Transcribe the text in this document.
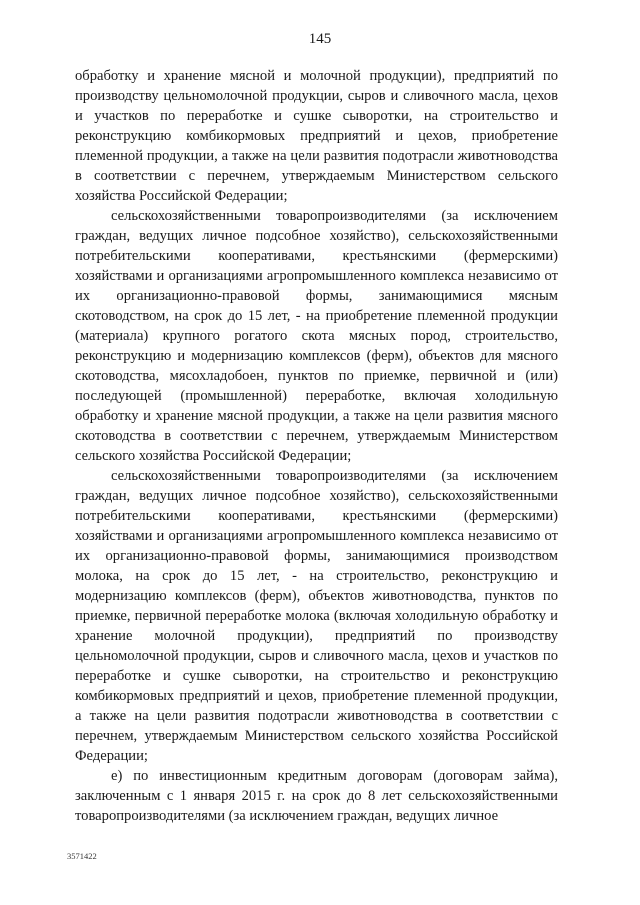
145

обработку и хранение мясной и молочной продукции), предприятий по производству цельномолочной продукции, сыров и сливочного масла, цехов и участков по переработке и сушке сыворотки, на строительство и реконструкцию комбикормовых предприятий и цехов, приобретение племенной продукции, а также на цели развития подотрасли животноводства в соответствии с перечнем, утверждаемым Министерством сельского хозяйства Российской Федерации;

сельскохозяйственными товаропроизводителями (за исключением граждан, ведущих личное подсобное хозяйство), сельскохозяйственными потребительскими кооперативами, крестьянскими (фермерскими) хозяйствами и организациями агропромышленного комплекса независимо от их организационно-правовой формы, занимающимися мясным скотоводством, на срок до 15 лет, - на приобретение племенной продукции (материала) крупного рогатого скота мясных пород, строительство, реконструкцию и модернизацию комплексов (ферм), объектов для мясного скотоводства, мясохладобоен, пунктов по приемке, первичной и (или) последующей (промышленной) переработке, включая холодильную обработку и хранение мясной продукции, а также на цели развития мясного скотоводства в соответствии с перечнем, утверждаемым Министерством сельского хозяйства Российской Федерации;

сельскохозяйственными товаропроизводителями (за исключением граждан, ведущих личное подсобное хозяйство), сельскохозяйственными потребительскими кооперативами, крестьянскими (фермерскими) хозяйствами и организациями агропромышленного комплекса независимо от их организационно-правовой формы, занимающимися производством молока, на срок до 15 лет, - на строительство, реконструкцию и модернизацию комплексов (ферм), объектов животноводства, пунктов по приемке, первичной переработке молока (включая холодильную обработку и хранение молочной продукции), предприятий по производству цельномолочной продукции, сыров и сливочного масла, цехов и участков по переработке и сушке сыворотки, на строительство и реконструкцию комбикормовых предприятий и цехов, приобретение племенной продукции, а также на цели развития подотрасли животноводства в соответствии с перечнем, утверждаемым Министерством сельского хозяйства Российской Федерации;

е) по инвестиционным кредитным договорам (договорам займа), заключенным с 1 января 2015 г. на срок до 8 лет сельскохозяйственными товаропроизводителями (за исключением граждан, ведущих личное

3571422
